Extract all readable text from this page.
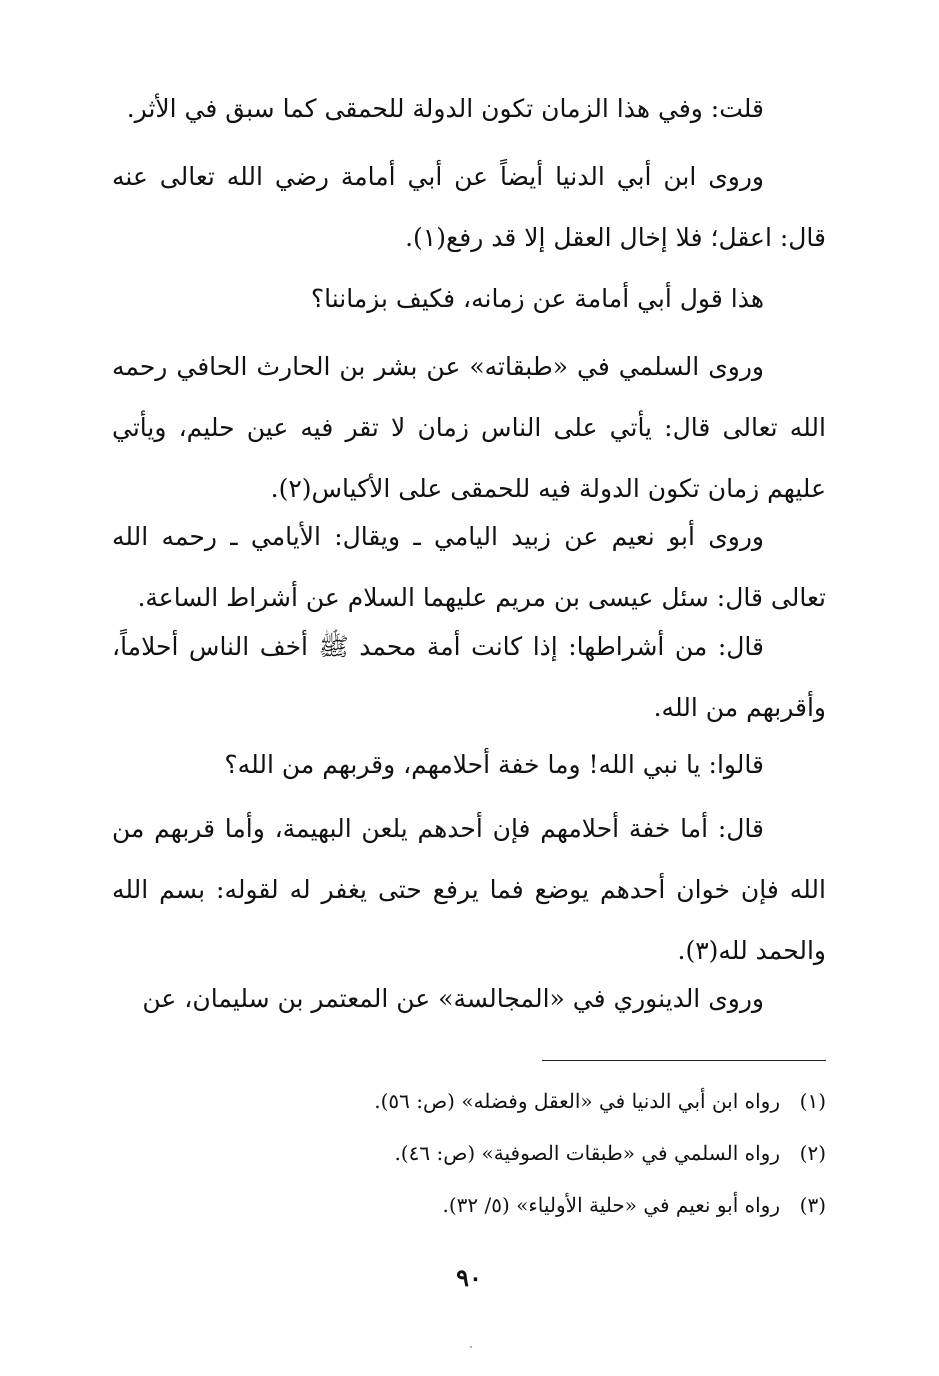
قلت: وفي هذا الزمان تكون الدولة للحمقى كما سبق في الأثر.

وروى ابن أبي الدنيا أيضاً عن أبي أمامة رضي الله تعالى عنه قال: اعقل؛ فلا إخال العقل إلا قد رفع(١).

هذا قول أبي أمامة عن زمانه، فكيف بزماننا؟

وروى السلمي في «طبقاته» عن بشر بن الحارث الحافي رحمه الله تعالى قال: يأتي على الناس زمان لا تقر فيه عين حليم، ويأتي عليهم زمان تكون الدولة فيه للحمقى على الأكياس(٢).

وروى أبو نعيم عن زبيد اليامي ـ ويقال: الأيامي ـ رحمه الله تعالى قال: سئل عيسى بن مريم عليهما السلام عن أشراط الساعة.

قال: من أشراطها: إذا كانت أمة محمد ﷺ أخف الناس أحلاماً، وأقربهم من الله.

قالوا: يا نبي الله! وما خفة أحلامهم، وقربهم من الله؟

قال: أما خفة أحلامهم فإن أحدهم يلعن البهيمة، وأما قربهم من الله فإن خوان أحدهم يوضع فما يرفع حتى يغفر له لقوله: بسم الله والحمد لله(٣).

وروى الدينوري في «المجالسة» عن المعتمر بن سليمان، عن

(١)رواه ابن أبي الدنيا في «العقل وفضله» (ص: ٥٦).
(٢)رواه السلمي في «طبقات الصوفية» (ص: ٤٦).
(٣)رواه أبو نعيم في «حلية الأولياء» (٥/ ٣٢).
٩٠
